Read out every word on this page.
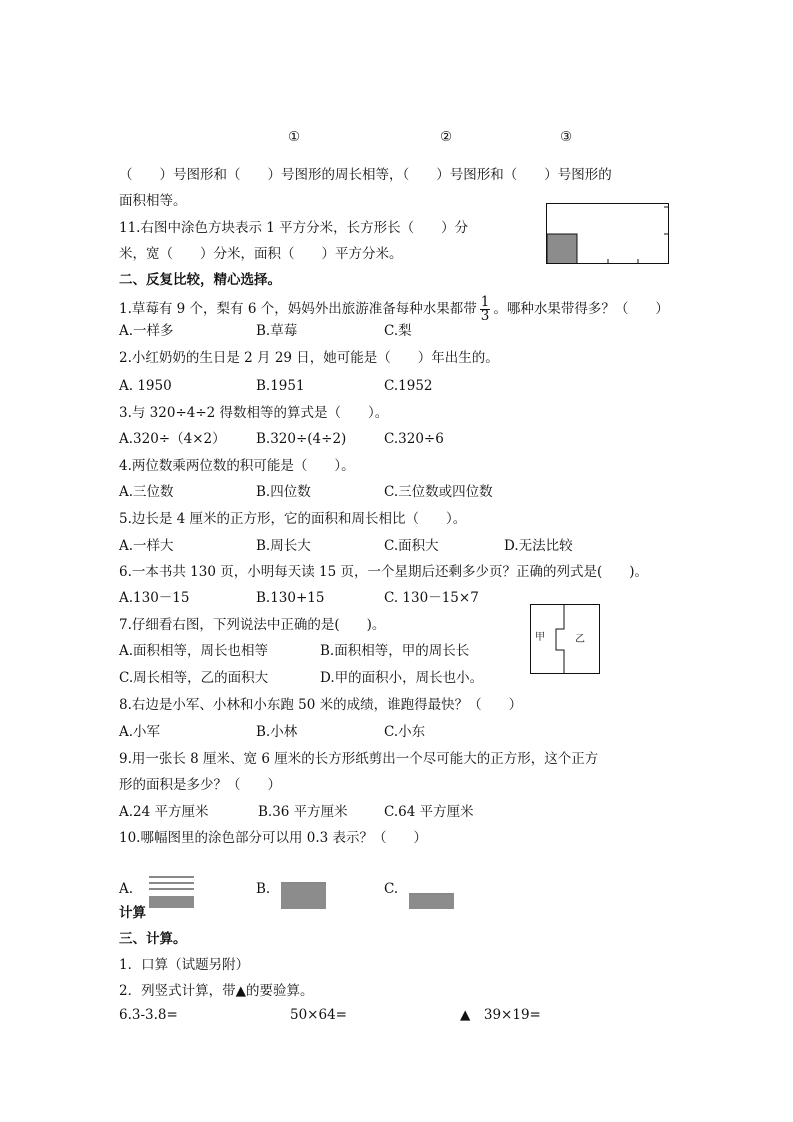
①	②	③
（　　）号图形和（　　）号图形的周长相等，（　　）号图形和（　　）号图形的
面积相等。
11.右图中涂色方块表示 1 平方分米，长方形长（　　）分
米，宽（　　）分米，面积（　　）平方分米。
二、反复比较，精心选择。
1.草莓有 9 个，梨有 6 个，妈妈外出旅游准备每种水果都带 $\frac{1}{3}$ 。哪种水果带得多？（　　）
A.一样多	B.草莓	C.梨
2.小红奶奶的生日是 2 月 29 日，她可能是（　　）年出生的。
A. 1950	B.1951	C.1952
3.与 320÷4÷2 得数相等的算式是（　　）。
A.320÷（4×2） B.320÷(4÷2)	C.320÷6
4.两位数乘两位数的积可能是（　　）。
A.三位数	B.四位数	C.三位数或四位数
5.边长是 4 厘米的正方形，它的面积和周长相比（　　）。
A.一样大	B.周长大	C.面积大	D.无法比较
6.一本书共 130 页，小明每天读 15 页，一个星期后还剩多少页？正确的列式是(　　)。
A.130－15	B.130+15	C. 130－15×7
7.仔细看右图，下列说法中正确的是(　　)。
A.面积相等，周长也相等	B.面积相等，甲的周长长
C.周长相等，乙的面积大	D.甲的面积小，周长也小。
甲	乙
8.右边是小军、小林和小东跑 50 米的成绩，谁跑得最快？（　　）
A.小军	B.小林	C.小东
9.用一张长 8 厘米、宽 6 厘米的长方形纸剪出一个尽可能大的正方形，这个正方
形的面积是多少？（　　）
A.24 平方厘米	B.36 平方厘米	C.64 平方厘米
10.哪幅图里的涂色部分可以用 0.3 表示？（　　）
A.	B.	C.
计算
三、计算。
1．口算（试题另附）
2．列竖式计算，带▲的要验算。
6.3-3.8=	50×64=	▲　39×19=
